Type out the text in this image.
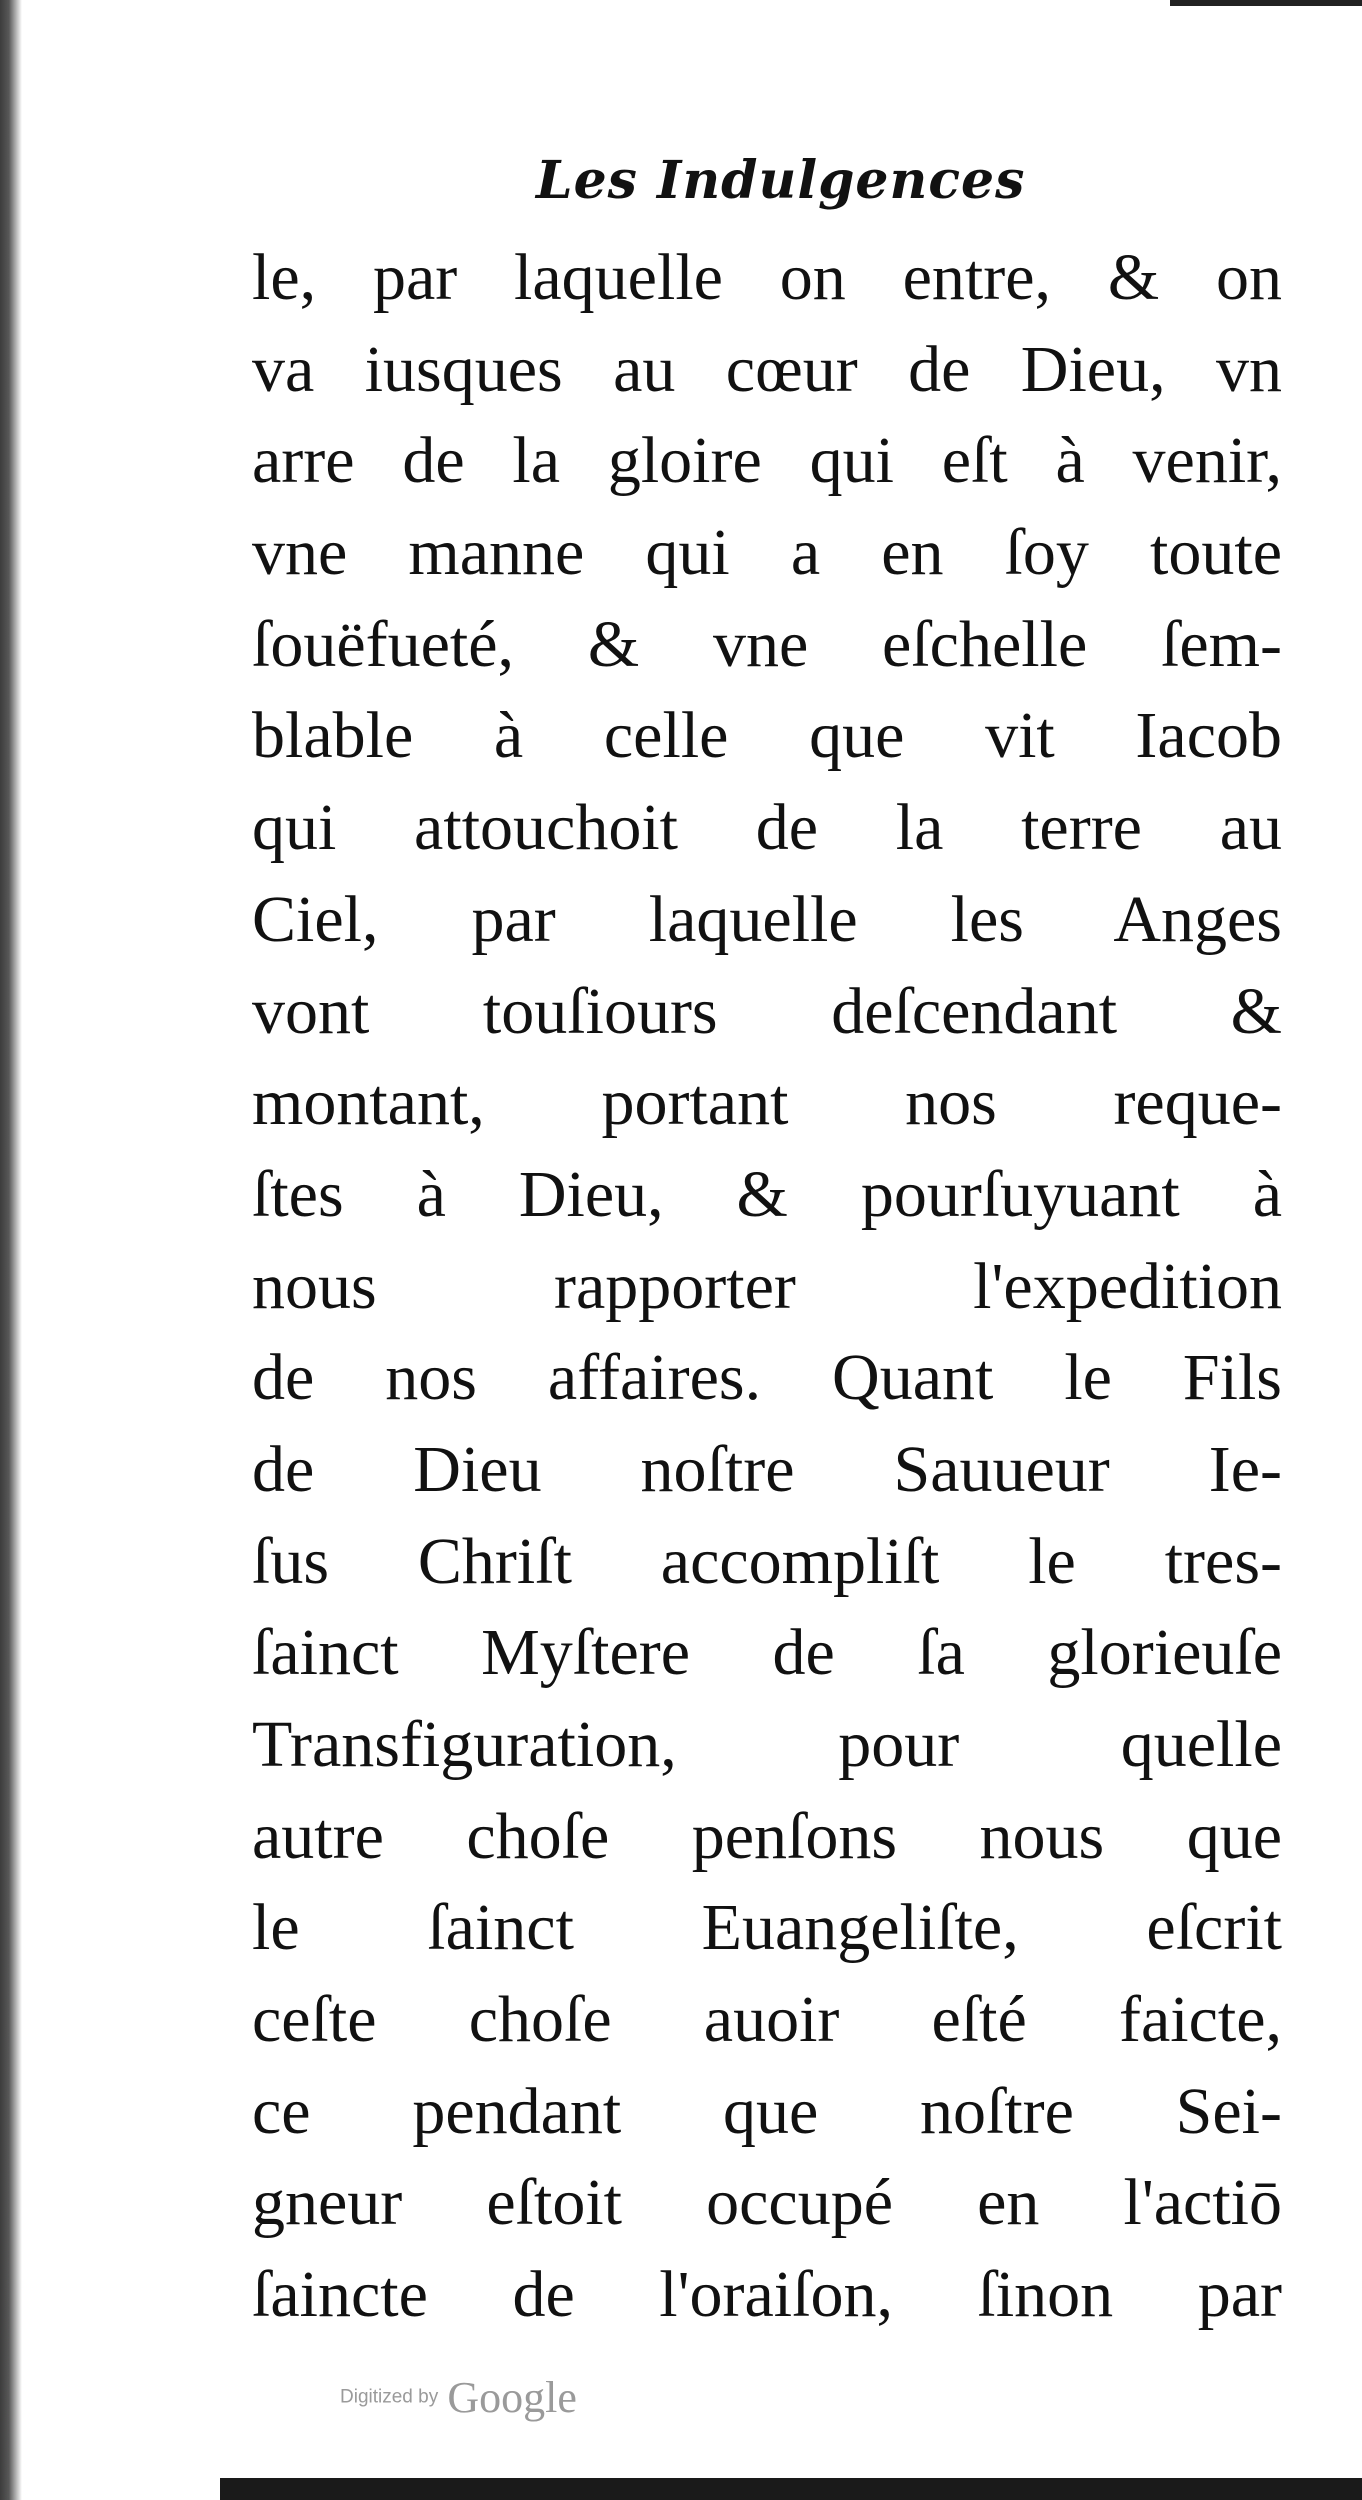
Les Indulgences
le, par laquelle on entre, & on
va iusques au cœur de Dieu, vn
arre de la gloire qui eſt à venir,
vne manne qui a en ſoy toute
ſouëfueté, & vne eſchelle ſem-
blable à celle que vit Iacob
qui attouchoit de la terre au
Ciel, par laquelle les Anges
vont touſiours deſcendant &
montant, portant nos reque-
ſtes à Dieu, & pourſuyuant à
nous rapporter l'expedition
de nos affaires. Quant le Fils
de Dieu noſtre Sauueur Ie-
ſus Chriſt accompliſt le tres-
ſainct Myſtere de ſa glorieuſe
Transfiguration, pour quelle
autre choſe penſons nous que
le ſainct Euangeliſte, eſcrit
ceſte choſe auoir eſté faicte,
ce pendant que noſtre Sei-
gneur eſtoit occupé en l'actiō
ſaincte de l'oraiſon, ſinon par
Digitized by Google
